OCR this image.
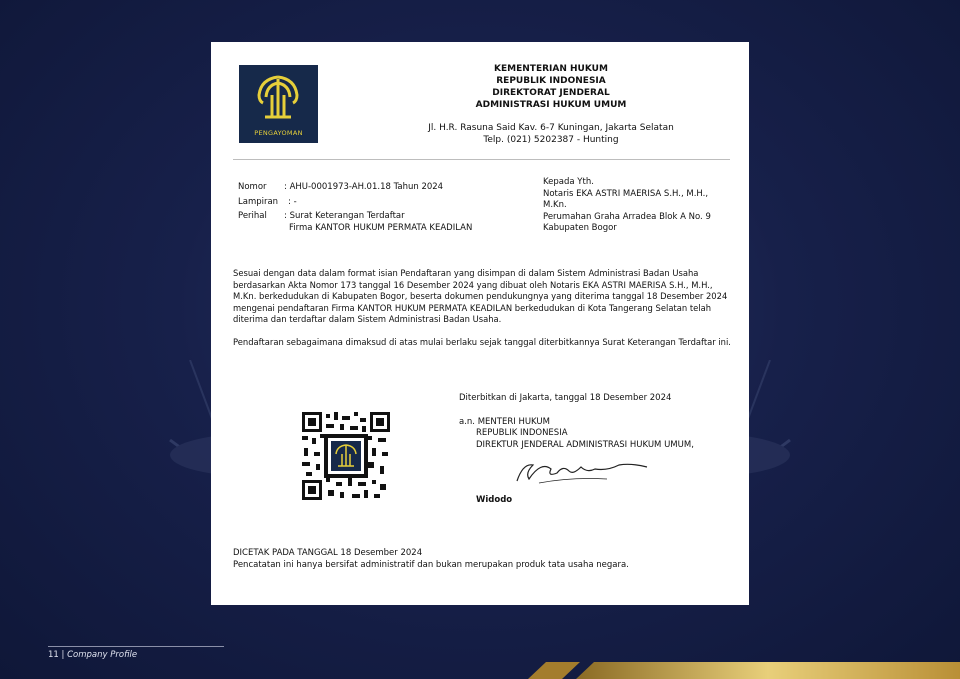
PENGAYOMAN
KEMENTERIAN HUKUM
REPUBLIK INDONESIA
DIREKTORAT JENDERAL
ADMINISTRASI HUKUM UMUM
Jl. H.R. Rasuna Said Kav. 6-7 Kuningan, Jakarta Selatan
Telp. (021) 5202387 - Hunting
Nomor	: AHU-0001973-AH.01.18 Tahun 2024
Lampiran	: -
Perihal	: Surat Keterangan Terdaftar
Firma KANTOR HUKUM PERMATA KEADILAN
Kepada Yth.
Notaris EKA ASTRI MAERISA S.H., M.H.,
M.Kn.
Perumahan Graha Arradea Blok A No. 9
Kabupaten Bogor

Sesuai dengan data dalam format isian Pendaftaran yang disimpan di dalam Sistem Administrasi Badan Usaha berdasarkan Akta Nomor 173 tanggal 16 Desember 2024 yang dibuat oleh Notaris EKA ASTRI MAERISA S.H., M.H., M.Kn. berkedudukan di Kabupaten Bogor, beserta dokumen pendukungnya yang diterima tanggal 18 Desember 2024 mengenai pendaftaran Firma KANTOR HUKUM PERMATA KEADILAN berkedudukan di Kota Tangerang Selatan telah diterima dan terdaftar dalam Sistem Administrasi Badan Usaha.

Pendaftaran sebagaimana dimaksud di atas mulai berlaku sejak tanggal diterbitkannya Surat Keterangan Terdaftar ini.

Diterbitkan di Jakarta, tanggal 18 Desember 2024
a.n. MENTERI HUKUM
REPUBLIK INDONESIA
DIREKTUR JENDERAL ADMINISTRASI HUKUM UMUM,
Widodo
DICETAK PADA TANGGAL 18 Desember 2024
Pencatatan ini hanya bersifat administratif dan bukan merupakan produk tata usaha negara.
11 | Company Profile
